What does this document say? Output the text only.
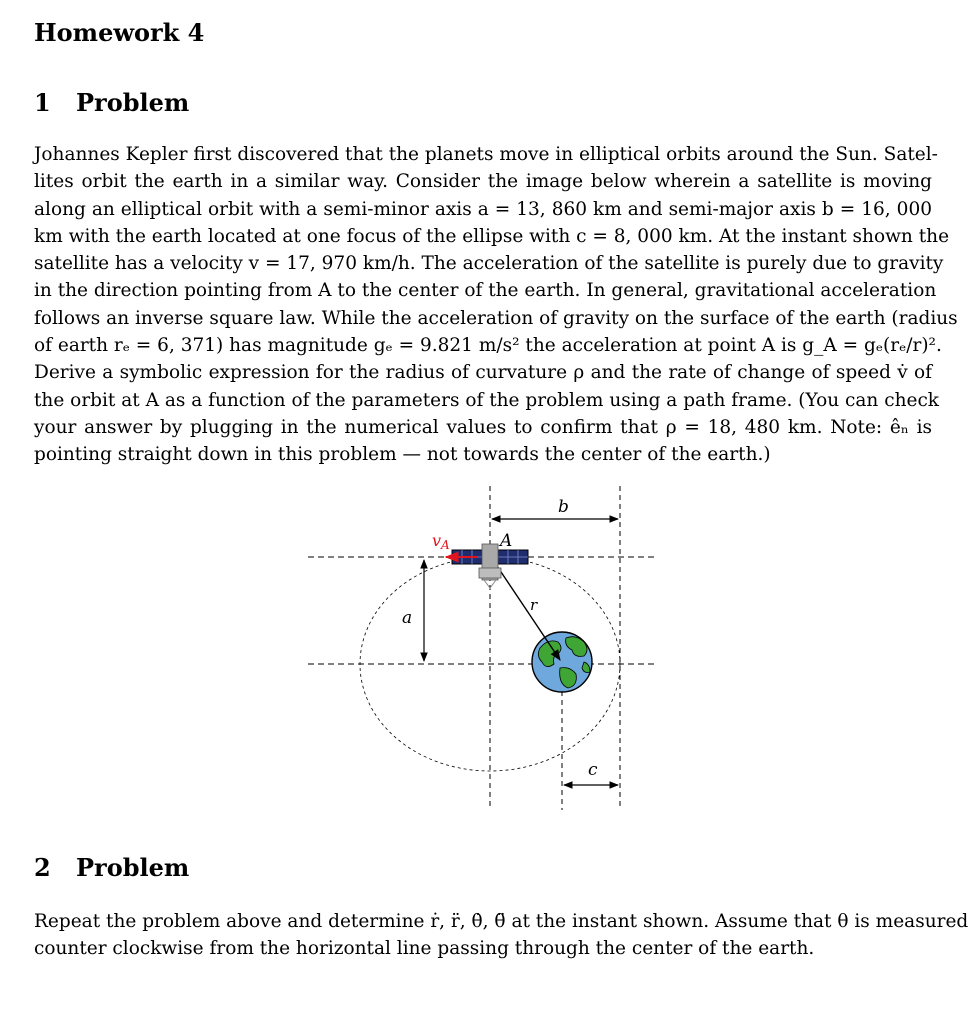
Homework 4
1 Problem
Johannes Kepler first discovered that the planets move in elliptical orbits around the Sun. Satel-
lites orbit the earth in a similar way. Consider the image below wherein a satellite is moving
along an elliptical orbit with a semi-minor axis a = 13, 860 km and semi-major axis b = 16, 000
km with the earth located at one focus of the ellipse with c = 8, 000 km. At the instant shown the
satellite has a velocity v = 17, 970 km/h. The acceleration of the satellite is purely due to gravity
in the direction pointing from A to the center of the earth. In general, gravitational acceleration
follows an inverse square law. While the acceleration of gravity on the surface of the earth (radius
of earth rₑ = 6, 371) has magnitude gₑ = 9.821 m/s² the acceleration at point A is g_A = gₑ(rₑ/r)².
Derive a symbolic expression for the radius of curvature ρ and the rate of change of speed v̇ of
the orbit at A as a function of the parameters of the problem using a path frame. (You can check
your answer by plugging in the numerical values to confirm that ρ = 18, 480 km. Note: êₙ is
pointing straight down in this problem — not towards the center of the earth.)
b
a
c
r
vA	A
2 Problem
Repeat the problem above and determine ṙ, r̈, θ̇, θ̈ at the instant shown. Assume that θ is measured
counter clockwise from the horizontal line passing through the center of the earth.
